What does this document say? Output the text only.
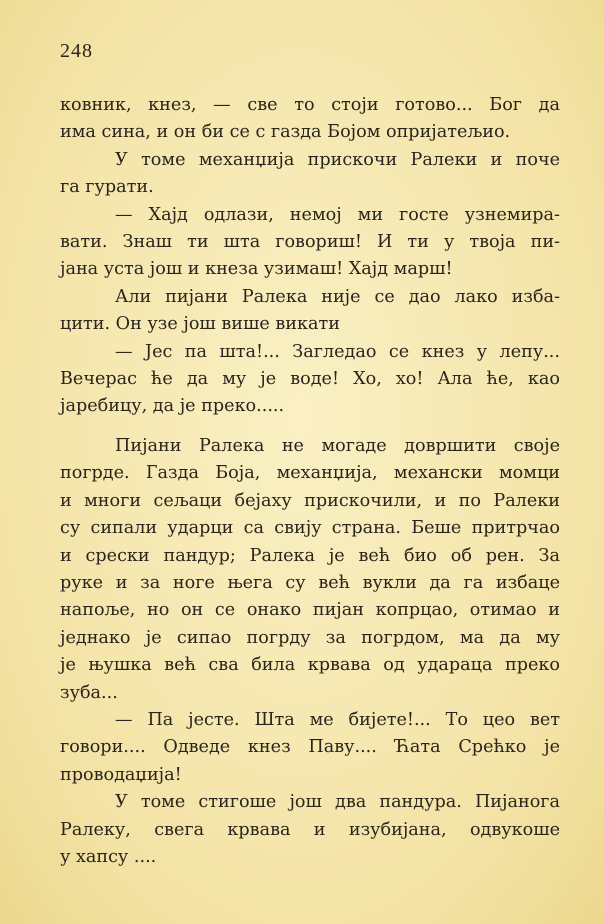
248
ковник, кнез, — све то стоји готово... Бог да
има сина, и он би се с газда Бојом опријатељио.
У томе механџија прискочи Ралеки и поче
га гурати.
— Хајд одлази, немој ми госте узнемира-
вати. Знаш ти шта говориш! И ти у твоја пи-
јана уста још и кнеза узимаш! Хајд марш!
Али пијани Ралека није се дао лако изба-
цити. Он узе још више викати
— Јес па шта!... Загледао се кнез у лепу...
Вечерас ће да му је воде! Хо, хо! Ала ће, као
јаребицу, да је преко.....
Пијани Ралека не могаде довршити своје
погрде. Газда Боја, механџија, механски момци
и многи сељаци бејаху прискочили, и по Ралеки
су сипали ударци са свију страна. Беше притрчао
и среcки пандур; Ралека је већ био об рен. За
руке и за ноге њега су већ вукли да га избаце
напоље, но он се онако пијан копрцао, отимао и
једнако је сипао погрду за погрдом, ма да му
је њушка већ сва била крвава од ударaца преко
зуба...
— Па јесте. Шта ме бијете!... То цео вет
говори.... Одведе кнез Паву.... Ћата Срећко је
проводаџија!
У томе стигоше још два пандура. Пијанога
Ралеку, свега крвава и изубијана, одвукоше
у хапсу ....
